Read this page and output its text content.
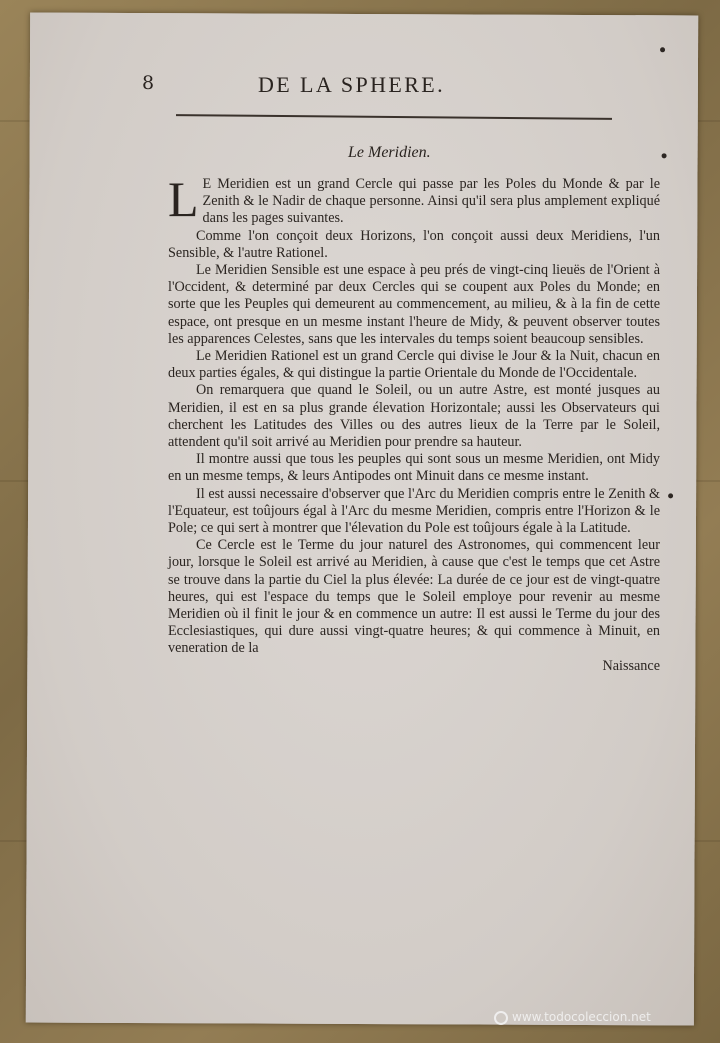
8	DE LA SPHERE.
Le Meridien.

L E Meridien est un grand Cercle qui passe par les Poles du Monde & par le Zenith & le Nadir de chaque personne. Ainsi qu'il sera plus amplement expliqué dans les pages suivantes.

Comme l'on conçoit deux Horizons, l'on conçoit aussi deux Meridiens, l'un Sensible, & l'autre Rationel.

Le Meridien Sensible est une espace à peu prés de vingt-cinq lieuës de l'Orient à l'Occident, & determiné par deux Cercles qui se coupent aux Poles du Monde; en sorte que les Peuples qui demeurent au commencement, au milieu, & à la fin de cette espace, ont presque en un mesme instant l'heure de Midy, & peuvent observer toutes les apparences Celestes, sans que les intervales du temps soient beaucoup sensibles.

Le Meridien Rationel est un grand Cercle qui divise le Jour & la Nuit, chacun en deux parties égales, & qui distingue la partie Orientale du Monde de l'Occidentale.

On remarquera que quand le Soleil, ou un autre Astre, est monté jusques au Meridien, il est en sa plus grande élevation Horizontale; aussi les Observateurs qui cherchent les Latitudes des Villes ou des autres lieux de la Terre par le Soleil, attendent qu'il soit arrivé au Meridien pour prendre sa hauteur.

Il montre aussi que tous les peuples qui sont sous un mesme Meridien, ont Midy en un mesme temps, & leurs Antipodes ont Minuit dans ce mesme instant.

Il est aussi necessaire d'observer que l'Arc du Meridien compris entre le Zenith & l'Equateur, est toûjours égal à l'Arc du mesme Meridien, compris entre l'Horizon & le Pole; ce qui sert à montrer que l'élevation du Pole est toûjours égale à la Latitude.

Ce Cercle est le Terme du jour naturel des Astronomes, qui commencent leur jour, lorsque le Soleil est arrivé au Meridien, à cause que c'est le temps que cet Astre se trouve dans la partie du Ciel la plus élevée: La durée de ce jour est de vingt-quatre heures, qui est l'espace du temps que le Soleil employe pour revenir au mesme Meridien où il finit le jour & en commence un autre: Il est aussi le Terme du jour des Ecclesiastiques, qui dure aussi vingt-quatre heures; & qui commence à Minuit, en veneration de la

Naissance

www.todocoleccion.net
